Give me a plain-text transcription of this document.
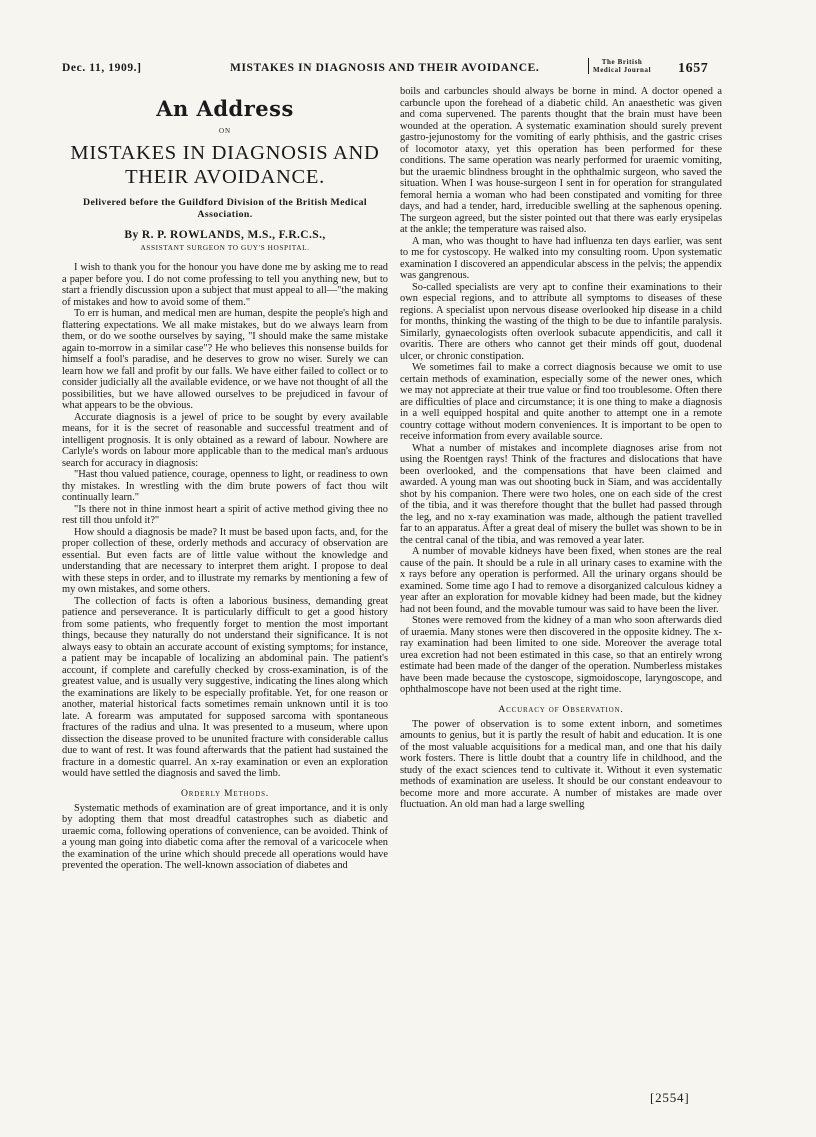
Dec. 11, 1909.]	MISTAKES IN DIAGNOSIS AND THEIR AVOIDANCE.	The British
Medical Journal 1657
An Address
ON
MISTAKES IN DIAGNOSIS AND THEIR AVOIDANCE.
Delivered before the Guildford Division of the British Medical Association.
By R. P. ROWLANDS, M.S., F.R.C.S.,
ASSISTANT SURGEON TO GUY'S HOSPITAL.

I wish to thank you for the honour you have done me by asking me to read a paper before you. I do not come professing to tell you anything new, but to start a friendly discussion upon a subject that must appeal to all—"the making of mistakes and how to avoid some of them."

To err is human, and medical men are human, despite the people's high and flattering expectations. We all make mistakes, but do we always learn from them, or do we soothe ourselves by saying, "I should make the same mistake again to-morrow in a similar case"? He who believes this nonsense builds for himself a fool's paradise, and he deserves to grow no wiser. Surely we can learn how we fall and profit by our falls. We have either failed to collect or to consider judicially all the available evidence, or we have not thought of all the possibilities, but we have allowed ourselves to be prejudiced in favour of what appears to be the obvious.

Accurate diagnosis is a jewel of price to be sought by every available means, for it is the secret of reasonable and successful treatment and of intelligent prognosis. It is only obtained as a reward of labour. Nowhere are Carlyle's words on labour more applicable than to the medical man's arduous search for accuracy in diagnosis:

"Hast thou valued patience, courage, openness to light, or readiness to own thy mistakes. In wrestling with the dim brute powers of fact thou wilt continually learn."

"Is there not in thine inmost heart a spirit of active method giving thee no rest till thou unfold it?"

How should a diagnosis be made? It must be based upon facts, and, for the proper collection of these, orderly methods and accuracy of observation are essential. But even facts are of little value without the knowledge and understanding that are necessary to interpret them aright. I propose to deal with these steps in order, and to illustrate my remarks by mentioning a few of my own mistakes, and some others.

The collection of facts is often a laborious business, demanding great patience and perseverance. It is particularly difficult to get a good history from some patients, who frequently forget to mention the most important things, because they naturally do not understand their significance. It is not always easy to obtain an accurate account of existing symptoms; for instance, a patient may be incapable of localizing an abdominal pain. The patient's account, if complete and carefully checked by cross-examination, is of the greatest value, and is usually very suggestive, indicating the lines along which the examinations are likely to be especially profitable. Yet, for one reason or another, material historical facts sometimes remain unknown until it is too late. A forearm was amputated for supposed sarcoma with spontaneous fractures of the radius and ulna. It was presented to a museum, where upon dissection the disease proved to be ununited fracture with considerable callus due to want of rest. It was found afterwards that the patient had sustained the fracture in a domestic quarrel. An x-ray examination or even an exploration would have settled the diagnosis and saved the limb.

Orderly Methods.

Systematic methods of examination are of great importance, and it is only by adopting them that most dreadful catastrophes such as diabetic and uraemic coma, following operations of convenience, can be avoided. Think of a young man going into diabetic coma after the removal of a varicocele when the examination of the urine which should precede all operations would have prevented the operation. The well-known association of diabetes and

boils and carbuncles should always be borne in mind. A doctor opened a carbuncle upon the forehead of a diabetic child. An anaesthetic was given and coma supervened. The parents thought that the brain must have been wounded at the operation. A systematic examination should surely prevent gastro-jejunostomy for the vomiting of early phthisis, and the gastric crises of locomotor ataxy, yet this operation has been performed for these conditions. The same operation was nearly performed for uraemic vomiting, but the uraemic blindness brought in the ophthalmic surgeon, who saved the situation. When I was house-surgeon I sent in for operation for strangulated femoral hernia a woman who had been constipated and vomiting for three days, and had a tender, hard, irreducible swelling at the saphenous opening. The surgeon agreed, but the sister pointed out that there was early erysipelas at the ankle; the temperature was raised also.

A man, who was thought to have had influenza ten days earlier, was sent to me for cystoscopy. He walked into my consulting room. Upon systematic examination I discovered an appendicular abscess in the pelvis; the appendix was gangrenous.

So-called specialists are very apt to confine their examinations to their own especial regions, and to attribute all symptoms to diseases of these regions. A specialist upon nervous disease overlooked hip disease in a child for months, thinking the wasting of the thigh to be due to infantile paralysis. Similarly, gynaecologists often overlook subacute appendicitis, and call it ovaritis. There are others who cannot get their minds off gout, duodenal ulcer, or chronic constipation.

We sometimes fail to make a correct diagnosis because we omit to use certain methods of examination, especially some of the newer ones, which we may not appreciate at their true value or find too troublesome. Often there are difficulties of place and circumstance; it is one thing to make a diagnosis in a well equipped hospital and quite another to attempt one in a remote country cottage without modern conveniences. It is important to be open to receive information from every available source.

What a number of mistakes and incomplete diagnoses arise from not using the Roentgen rays! Think of the fractures and dislocations that have been overlooked, and the compensations that have been claimed and awarded. A young man was out shooting buck in Siam, and was accidentally shot by his companion. There were two holes, one on each side of the crest of the tibia, and it was therefore thought that the bullet had passed through the leg, and no x-ray examination was made, although the patient travelled far to an apparatus. After a great deal of misery the bullet was shown to be in the central canal of the tibia, and was removed a year later.

A number of movable kidneys have been fixed, when stones are the real cause of the pain. It should be a rule in all urinary cases to examine with the x rays before any operation is performed. All the urinary organs should be examined. Some time ago I had to remove a disorganized calculous kidney a year after an exploration for movable kidney had been made, but the kidney had not been found, and the movable tumour was said to have been the liver.

Stones were removed from the kidney of a man who soon afterwards died of uraemia. Many stones were then discovered in the opposite kidney. The x-ray examination had been limited to one side. Moreover the average total urea excretion had not been estimated in this case, so that an entirely wrong estimate had been made of the danger of the operation. Numberless mistakes have been made because the cystoscope, sigmoidoscope, laryngoscope, and ophthalmoscope have not been used at the right time.

Accuracy of Observation.

The power of observation is to some extent inborn, and sometimes amounts to genius, but it is partly the result of habit and education. It is one of the most valuable acquisitions for a medical man, and one that his daily work fosters. There is little doubt that a country life in childhood, and the study of the exact sciences tend to cultivate it. Without it even systematic methods of examination are useless. It should be our constant endeavour to become more and more accurate. A number of mistakes are made over fluctuation. An old man had a large swelling

[2554]
